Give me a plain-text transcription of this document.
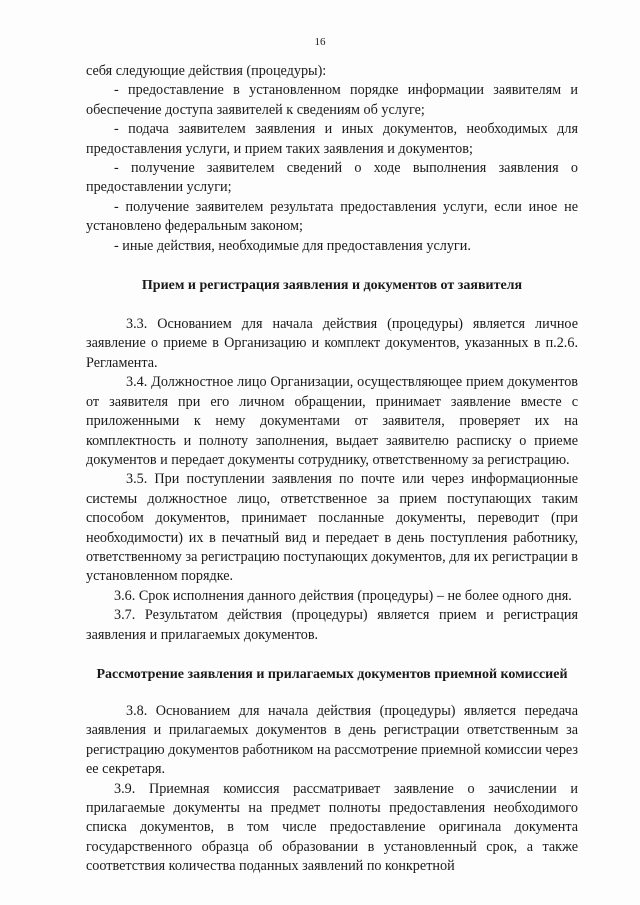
16

себя следующие действия (процедуры):

- предоставление в установленном порядке информации заявителям и обеспечение доступа заявителей к сведениям об услуге;

- подача заявителем заявления и иных документов, необходимых для предоставления услуги, и прием таких заявления и документов;

- получение заявителем сведений о ходе выполнения заявления о предоставлении услуги;

- получение заявителем результата предоставления услуги, если иное не установлено федеральным законом;

- иные действия, необходимые для предоставления услуги.

Прием и регистрация заявления и документов от заявителя

3.3. Основанием для начала действия (процедуры) является личное заявление о приеме в Организацию и комплект документов, указанных в п.2.6. Регламента.

3.4. Должностное лицо Организации, осуществляющее прием документов от заявителя при его личном обращении, принимает заявление вместе с приложенными к нему документами от заявителя, проверяет их на комплектность и полноту заполнения, выдает заявителю расписку о приеме документов и передает документы сотруднику, ответственному за регистрацию.

3.5. При поступлении заявления по почте или через информационные системы должностное лицо, ответственное за прием поступающих таким способом документов, принимает посланные документы, переводит (при необходимости) их в печатный вид и передает в день поступления работнику, ответственному за регистрацию поступающих документов, для их регистрации в установленном порядке.

3.6. Срок исполнения данного действия (процедуры) – не более одного дня.

3.7. Результатом действия (процедуры) является прием и регистрация заявления и прилагаемых документов.

Рассмотрение заявления и прилагаемых документов приемной комиссией

3.8. Основанием для начала действия (процедуры) является передача заявления и прилагаемых документов в день регистрации ответственным за регистрацию документов работником на рассмотрение приемной комиссии через ее секретаря.

3.9. Приемная комиссия рассматривает заявление о зачислении и прилагаемые документы на предмет полноты предоставления необходимого списка документов, в том числе предоставление оригинала документа государственного образца об образовании в установленный срок, а также соответствия количества поданных заявлений по конкретной
